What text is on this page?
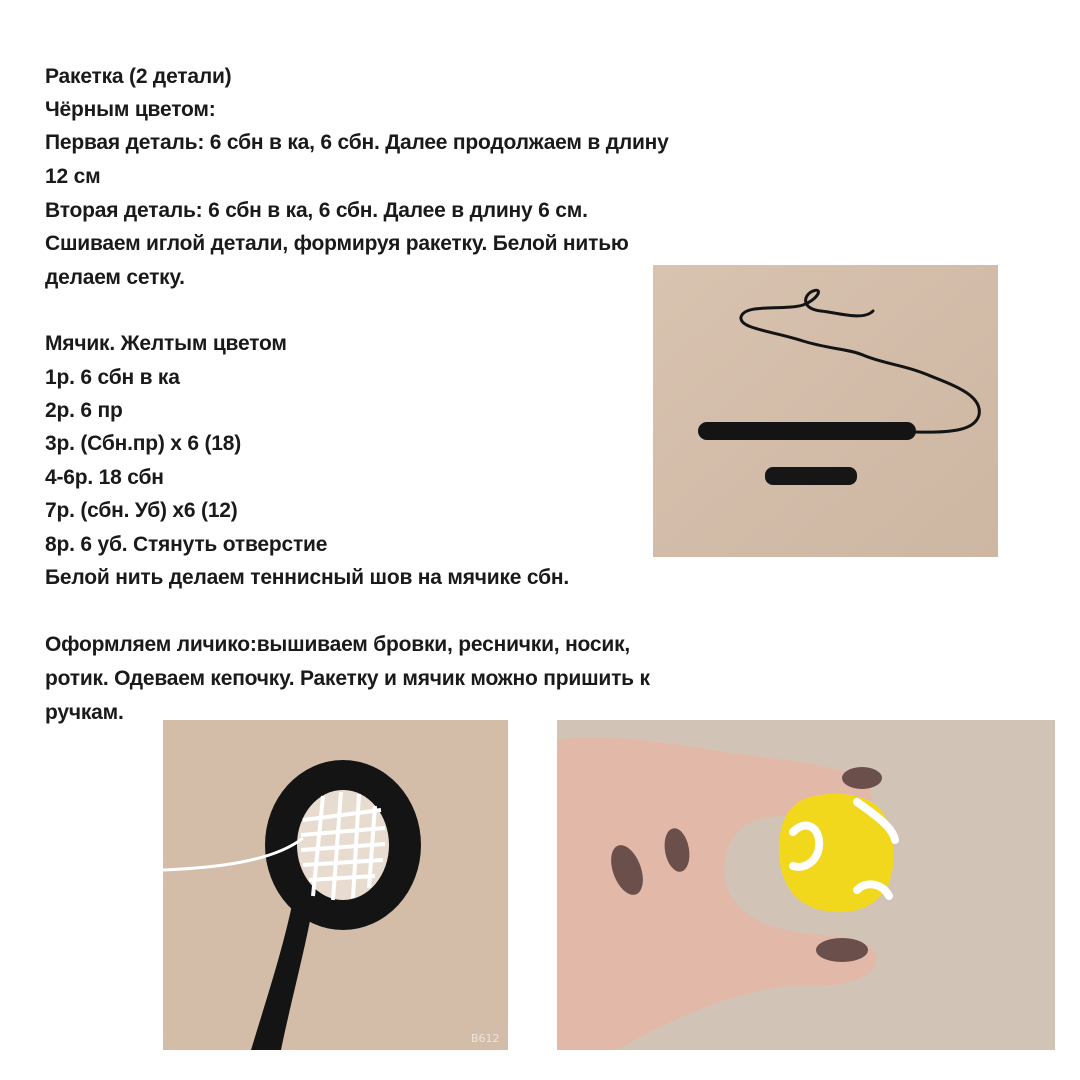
Ракетка (2 детали)
Чёрным цветом:
Первая деталь: 6 сбн в ка, 6 сбн. Далее продолжаем в длину
12 см
Вторая деталь: 6 сбн в ка, 6 сбн. Далее в длину 6 см.
Сшиваем иглой детали, формируя ракетку. Белой нитью
делаем сетку.
Мячик. Желтым цветом
1р. 6 сбн в ка
2р. 6 пр
3р. (Сбн.пр) х 6 (18)
4-6р. 18 сбн
7р. (сбн. Уб) х6 (12)
8р. 6 уб. Стянуть отверстие
Белой нить делаем теннисный шов на мячике сбн.
Оформляем личико:вышиваем бровки, реснички, носик,
ротик. Одеваем кепочку. Ракетку и мячик можно пришить к
ручкам.
B612
